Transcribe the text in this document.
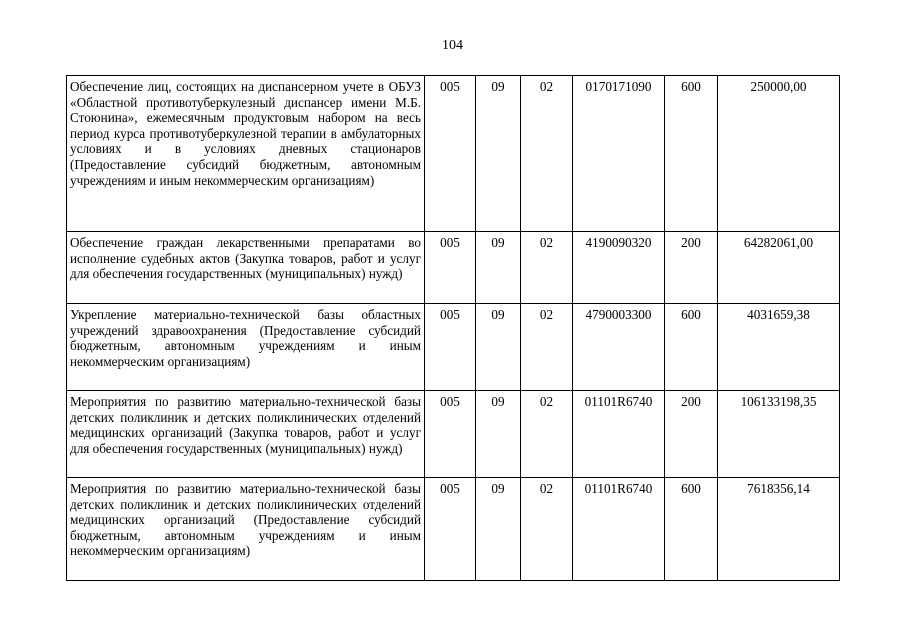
104
Обеспечение лиц, состоящих на диспансерном учете в ОБУЗ «Областной противотуберкулезный диспансер имени М.Б. Стоюнина», ежемесячным продуктовым набором на весь период курса противотуберкулезной терапии в амбулаторных условиях и в условиях дневных стационаров (Предоставление субсидий бюджетным, автономным учреждениям и иным некоммерческим организациям)	005	09	02	0170171090	600	250000,00
Обеспечение граждан лекарственными препаратами во исполнение судебных актов (Закупка товаров, работ и услуг для обеспечения государственных (муниципальных) нужд)	005	09	02	4190090320	200	64282061,00
Укрепление материально-технической базы областных учреждений здравоохранения (Предоставление субсидий бюджетным, автономным учреждениям и иным некоммерческим организациям)	005	09	02	4790003300	600	4031659,38
Мероприятия по развитию материально-технической базы детских поликлиник и детских поликлинических отделений медицинских организаций (Закупка товаров, работ и услуг для обеспечения государственных (муниципальных) нужд)	005	09	02	01101R6740	200	106133198,35
Мероприятия по развитию материально-технической базы детских поликлиник и детских поликлинических отделений медицинских организаций (Предоставление субсидий бюджетным, автономным учреждениям и иным некоммерческим организациям)	005	09	02	01101R6740	600	7618356,14
